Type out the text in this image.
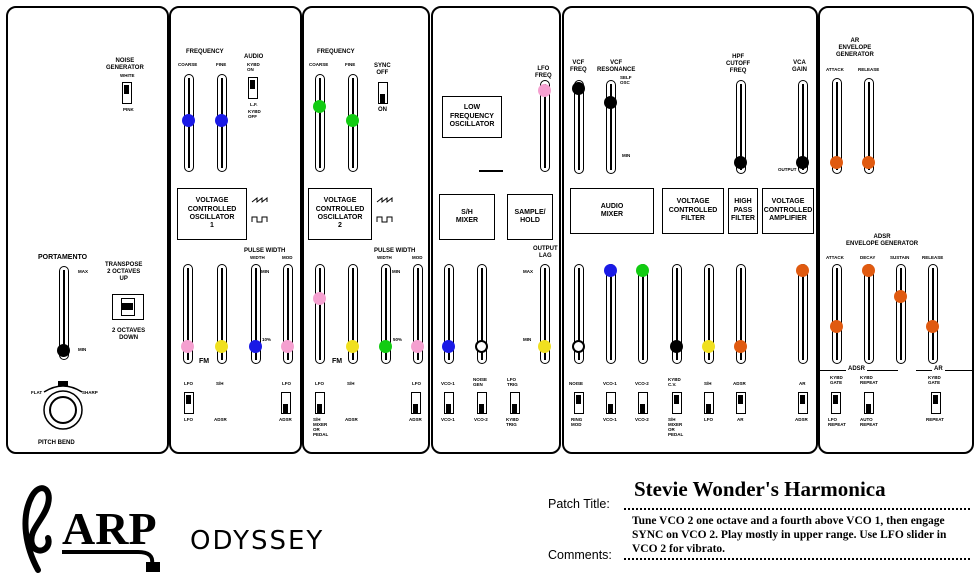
NOISE
GENERATOR
WHITE
PINK
PORTAMENTO
MAX
MIN
TRANSPOSE
2 OCTAVES
UP
2 OCTAVES
DOWN
FLAT	SHARP
PITCH BEND
FREQUENCY
COARSE	FINE
AUDIO
KYBD
ON
L.F.
KYBD
OFF
VOLTAGE
CONTROLLED
OSCILLATOR
1
PULSE WIDTH
WIDTH	MOD
MIN
10%
FM
LFO
LFO
S/H
ADSR
LFO
ADSR
FREQUENCY
COARSE	FINE	SYNC
OFF
ON
VOLTAGE
CONTROLLED
OSCILLATOR
2
PULSE WIDTH
WIDTH	MOD
MIN
50%
FM
LFO
S/H
MIXER
OR
PEDAL
S/H
ADSR
LFO
ADSR
LOW
FREQUENCY
OSCILLATOR
LFO
FREQ
S/H
MIXER
SAMPLE/
HOLD
OUTPUT
LAG
MAX
MIN
VCO-1
VCO-1
NOISE
GEN
VCO-2
LFO
TRIG
KYBD
TRIG
VCF
FREQ
VCF
RESONANCE
SELF
OSC
MIN
HPF
CUTOFF
FREQ
VCA
GAIN
OUTPUT
AUDIO
MIXER
VOLTAGE
CONTROLLED
FILTER
HIGH
PASS
FILTER
VOLTAGE
CONTROLLED
AMPLIFIER
NOISE
RING
MOD
VCO-1
VCO-1
VCO-2
VCO-2
KYBD
C.V.
S/H
MIXER
OR
PEDAL
S/H
LFO
ADSR
AR
AR
ADSR
AR
ENVELOPE
GENERATOR
ATTACK	RELEASE
ADSR
ENVELOPE GENERATOR
ATTACK	DECAY	SUSTAIN	RELEASE
ADSR
KYBD
GATE
LFO
REPEAT
KYBD
REPEAT
AUTO
REPEAT
AR
KYBD
GATE
REPEAT
ARP ODYSSEY
Patch Title:
Stevie Wonder's Harmonica
Comments:
Tune VCO 2 one octave and a fourth above VCO 1, then engage SYNC on VCO 2. Play mostly in upper range. Use LFO slider in VCO 2 for vibrato.
